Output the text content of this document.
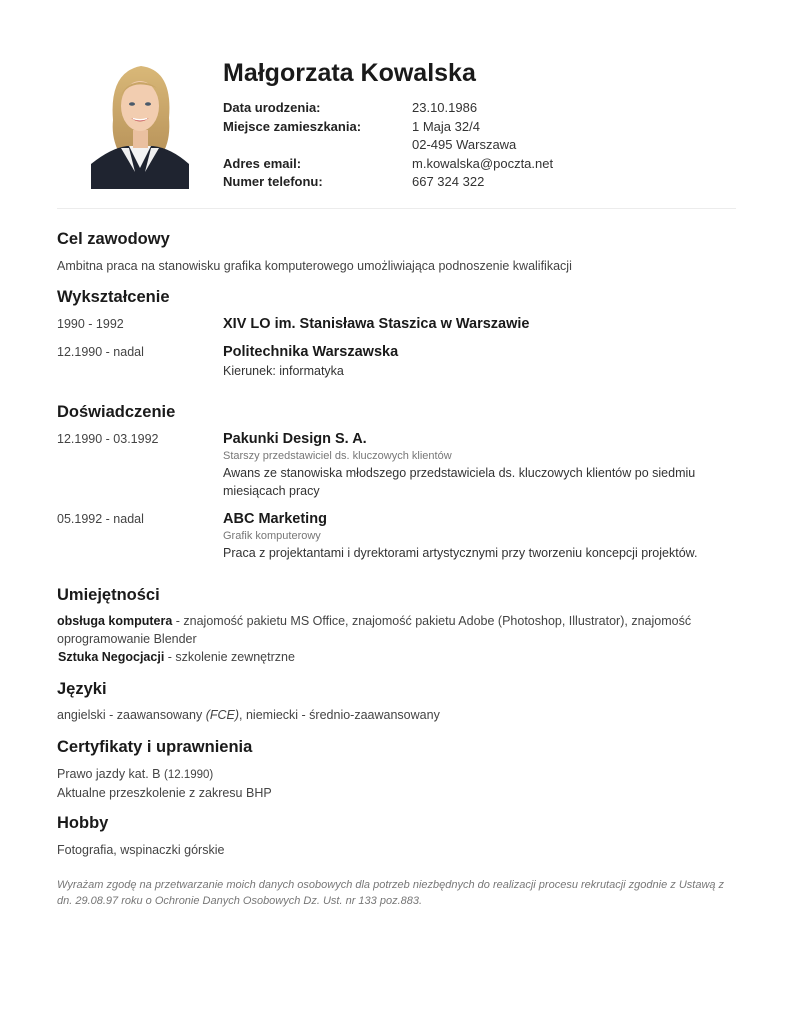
Małgorzata Kowalska
Data urodzenia:	23.10.1986
Miejsce zamieszkania:	1 Maja 32/4
02-495 Warszawa
Adres email:	m.kowalska@poczta.net
Numer telefonu:	667 324 322
Cel zawodowy
Ambitna praca na stanowisku grafika komputerowego umożliwiająca podnoszenie kwalifikacji
Wykształcenie
1990 - 1992	XIV LO im. Stanisława Staszica w Warszawie
12.1990 - nadal	Politechnika Warszawska
Kierunek: informatyka
Doświadczenie
12.1990 - 03.1992	Pakunki Design S. A.
Starszy przedstawiciel ds. kluczowych klientów
Awans ze stanowiska młodszego przedstawiciela ds. kluczowych klientów po siedmiu miesiącach pracy
05.1992 - nadal	ABC Marketing
Grafik komputerowy
Praca z projektantami i dyrektorami artystycznymi przy tworzeniu koncepcji projektów.
Umiejętności
obsługa komputera - znajomość pakietu MS Office, znajomość pakietu Adobe (Photoshop, Illustrator), znajomość oprogramowanie Blender
Sztuka Negocjacji - szkolenie zewnętrzne
Języki
angielski - zaawansowany (FCE), niemiecki - średnio-zaawansowany
Certyfikaty i uprawnienia
Prawo jazdy kat. B (12.1990)
Aktualne przeszkolenie z zakresu BHP
Hobby
Fotografia, wspinaczki górskie
Wyrażam zgodę na przetwarzanie moich danych osobowych dla potrzeb niezbędnych do realizacji procesu rekrutacji zgodnie z Ustawą z dn. 29.08.97 roku o Ochronie Danych Osobowych Dz. Ust. nr 133 poz.883.
